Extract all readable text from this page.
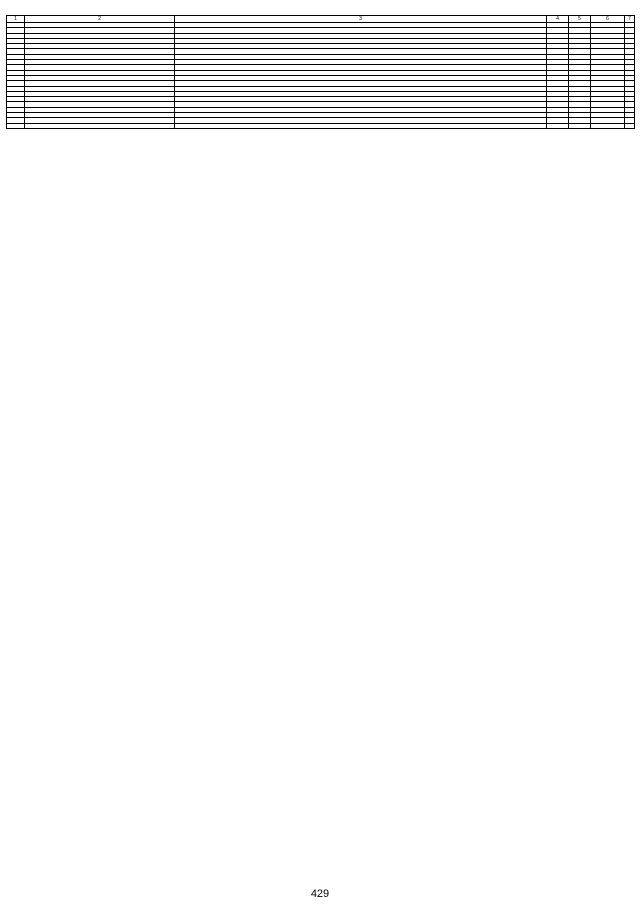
1	2	3	4	5	6	7

429
